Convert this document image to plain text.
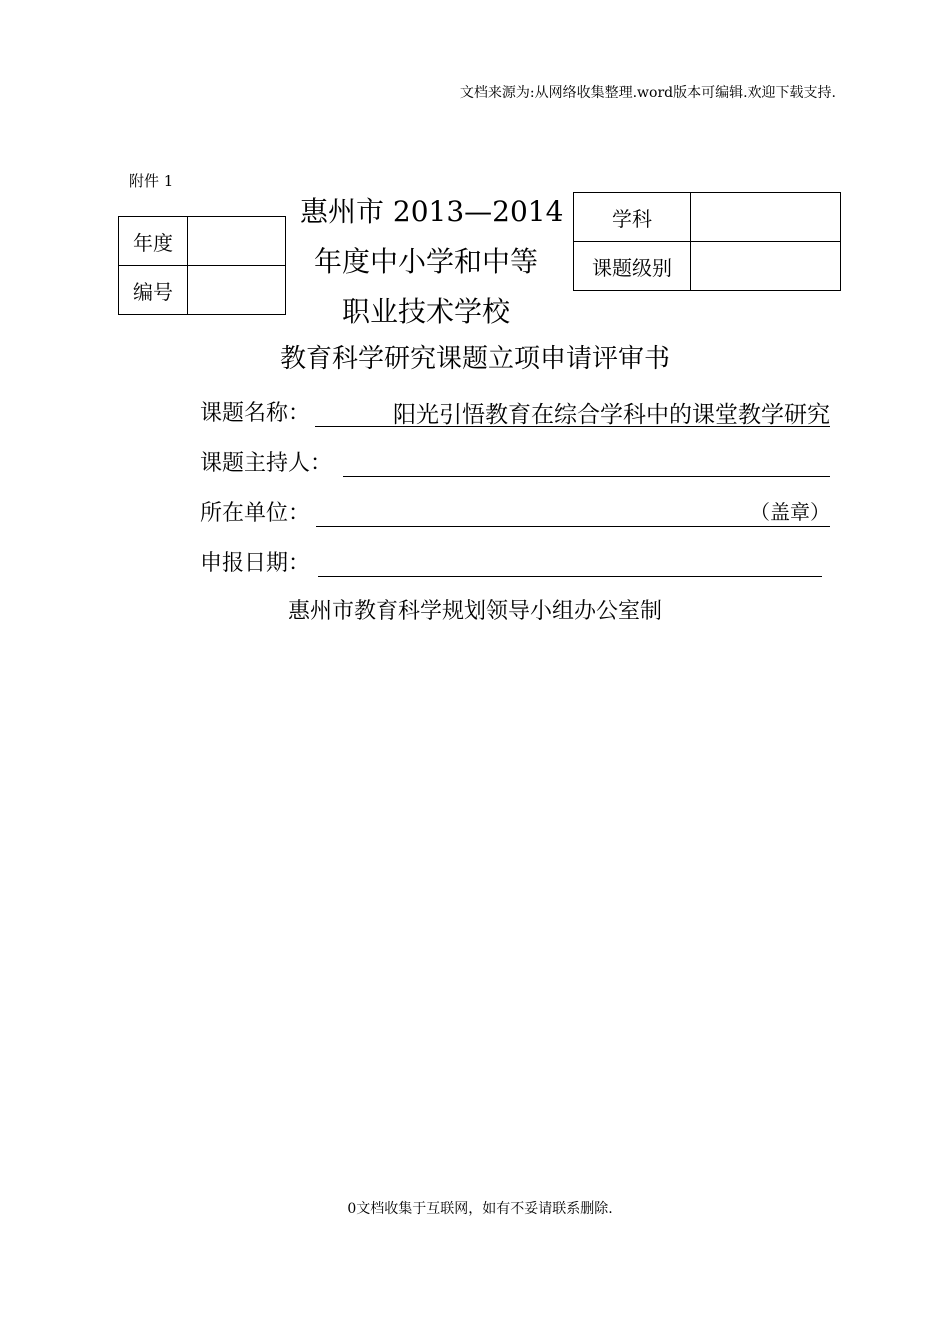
文档来源为:从网络收集整理.word版本可编辑.欢迎下载支持.
附件 1
年度	
编号	
学科	
课题级别	
惠州市 2013—2014
年度中小学和中等
职业技术学校
教育科学研究课题立项申请评审书
课题名称：	阳光引悟教育在综合学科中的课堂教学研究
课题主持人：
所在单位：	（盖章）
申报日期：
惠州市教育科学规划领导小组办公室制
0文档收集于互联网，如有不妥请联系删除.
